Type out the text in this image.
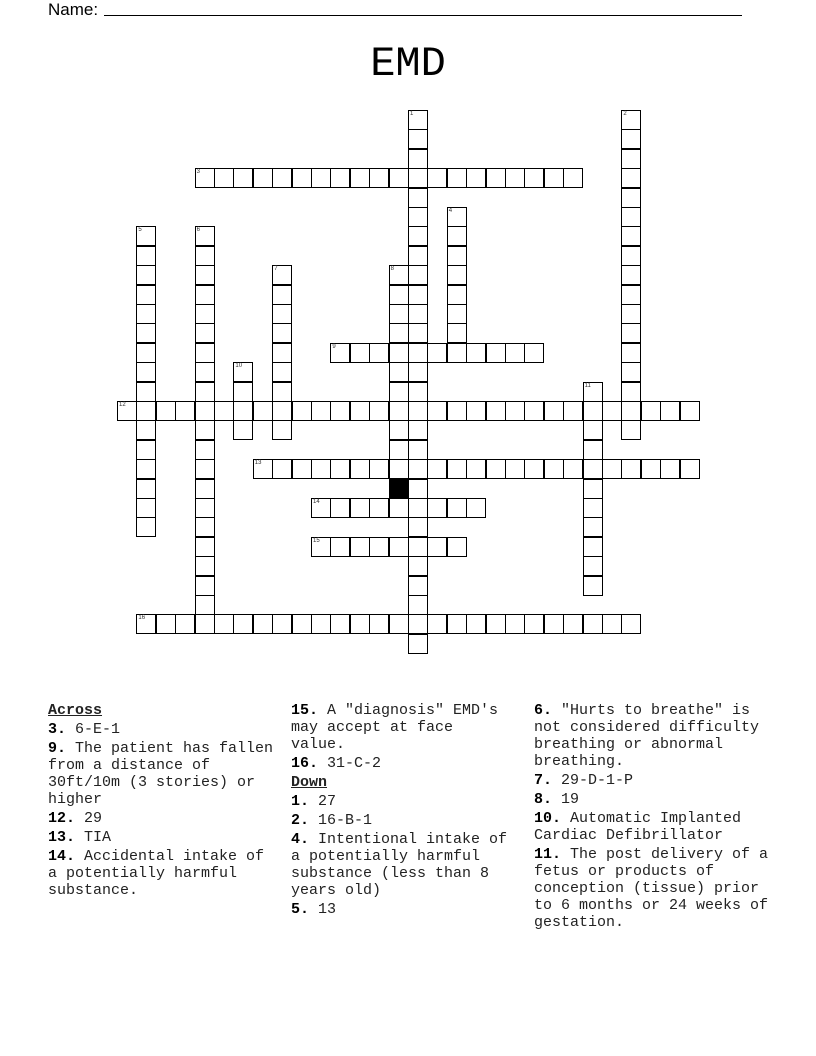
Name:
EMD
1	2
3
4
5	6
7	8
9
10
11
12
13
14
15
16
Across
3. 6-E-1
9. The patient has fallen from a distance of 30ft/10m (3 stories) or higher
12. 29
13. TIA
14. Accidental intake of a potentially harmful substance.
15. A "diagnosis" EMD's may accept at face value.
16. 31-C-2
Down
1. 27
2. 16-B-1
4. Intentional intake of a potentially harmful substance (less than 8 years old)
5. 13
6. "Hurts to breathe" is not considered difficulty breathing or abnormal breathing.
7. 29-D-1-P
8. 19
10. Automatic Implanted Cardiac Defibrillator
11. The post delivery of a fetus or products of conception (tissue) prior to 6 months or 24 weeks of gestation.
